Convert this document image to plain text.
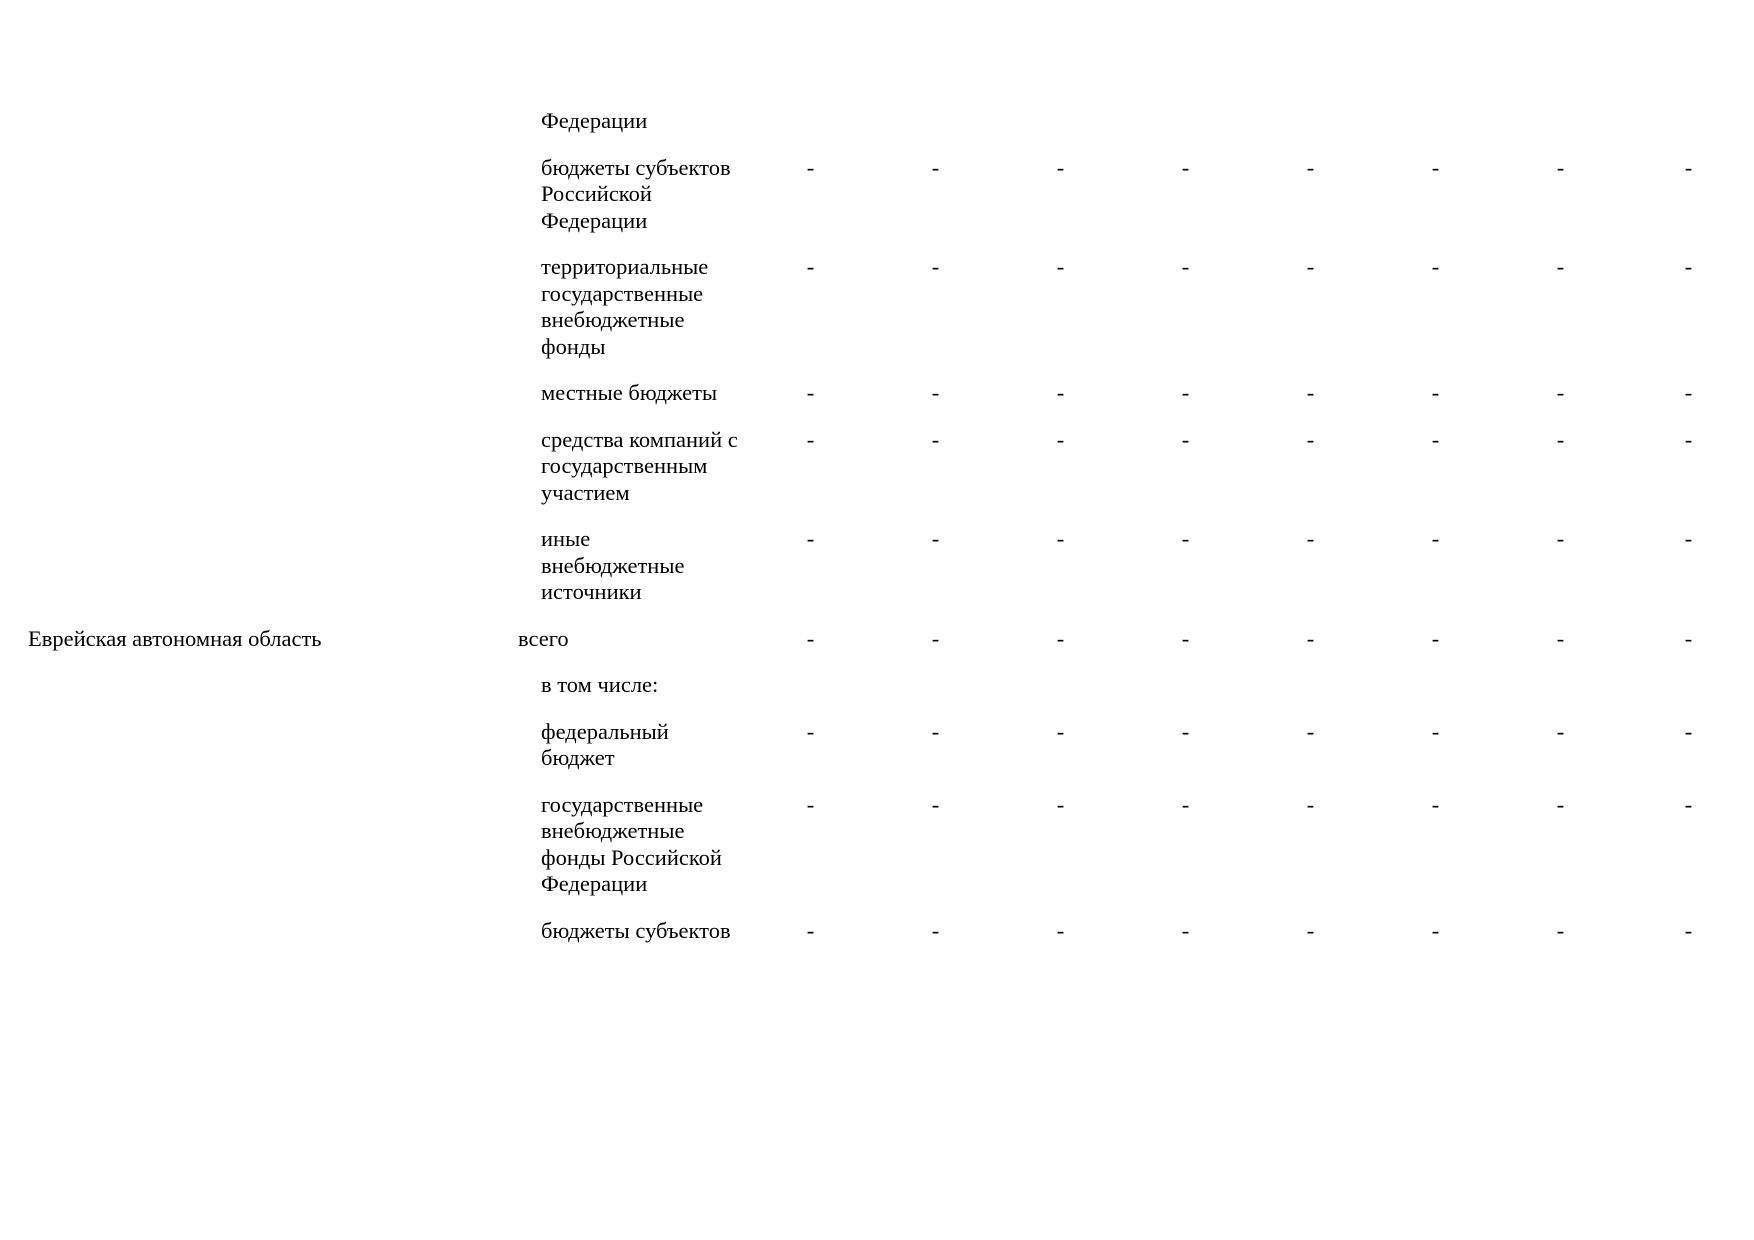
		Федерации								

		бюджеты субъектов Российской Федерации	-	-	-	-	-	-	-	-

		территориальные государственные внебюджетные фонды	-	-	-	-	-	-	-	-

		местные бюджеты	-	-	-	-	-	-	-	-

		средства компаний с государственным участием	-	-	-	-	-	-	-	-

		иные внебюджетные источники	-	-	-	-	-	-	-	-

Еврейская автономная область		всего	-	-	-	-	-	-	-	-

		в том числе:								

		федеральный бюджет	-	-	-	-	-	-	-	-

		государственные внебюджетные фонды Российской Федерации	-	-	-	-	-	-	-	-

		бюджеты субъектов	-	-	-	-	-	-	-	-
